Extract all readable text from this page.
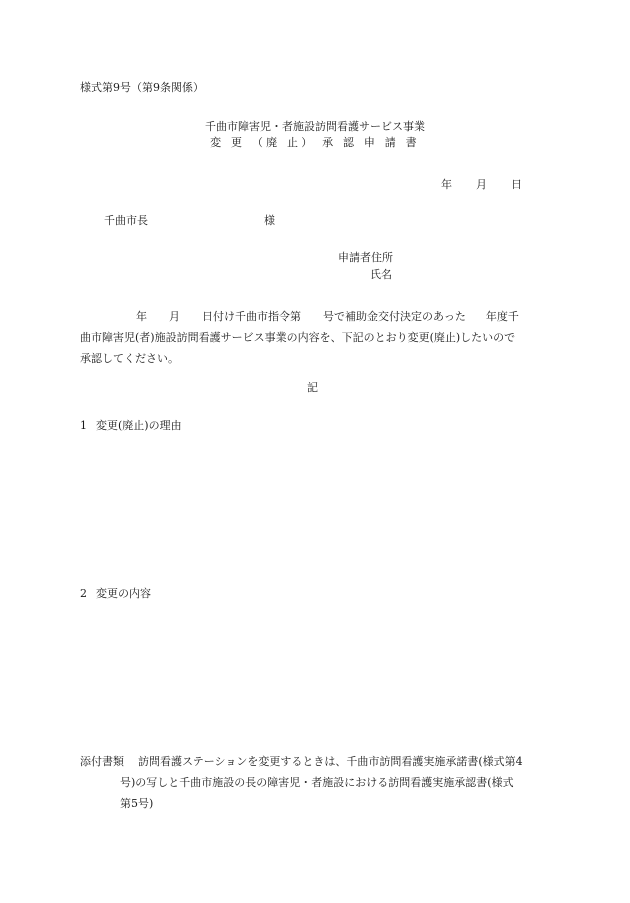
様式第9号（第9条関係）
千曲市障害児・者施設訪問看護サービス事業
変 更 （廃 止） 承 認 申 請 書
年 月 日
千曲市長	様
申請者住所
氏名

年 月 日付け千曲市指令第 号で補助金交付決定のあった 年度千

曲市障害児(者)施設訪問看護サービス事業の内容を、下記のとおり変更(廃止)したいので

承認してください。

記
1 変更(廃止)の理由
2 変更の内容
添付書類 訪問看護ステーションを変更するときは、千曲市訪問看護実施承諾書(様式第4
号)の写しと千曲市施設の長の障害児・者施設における訪問看護実施承認書(様式
第5号)
